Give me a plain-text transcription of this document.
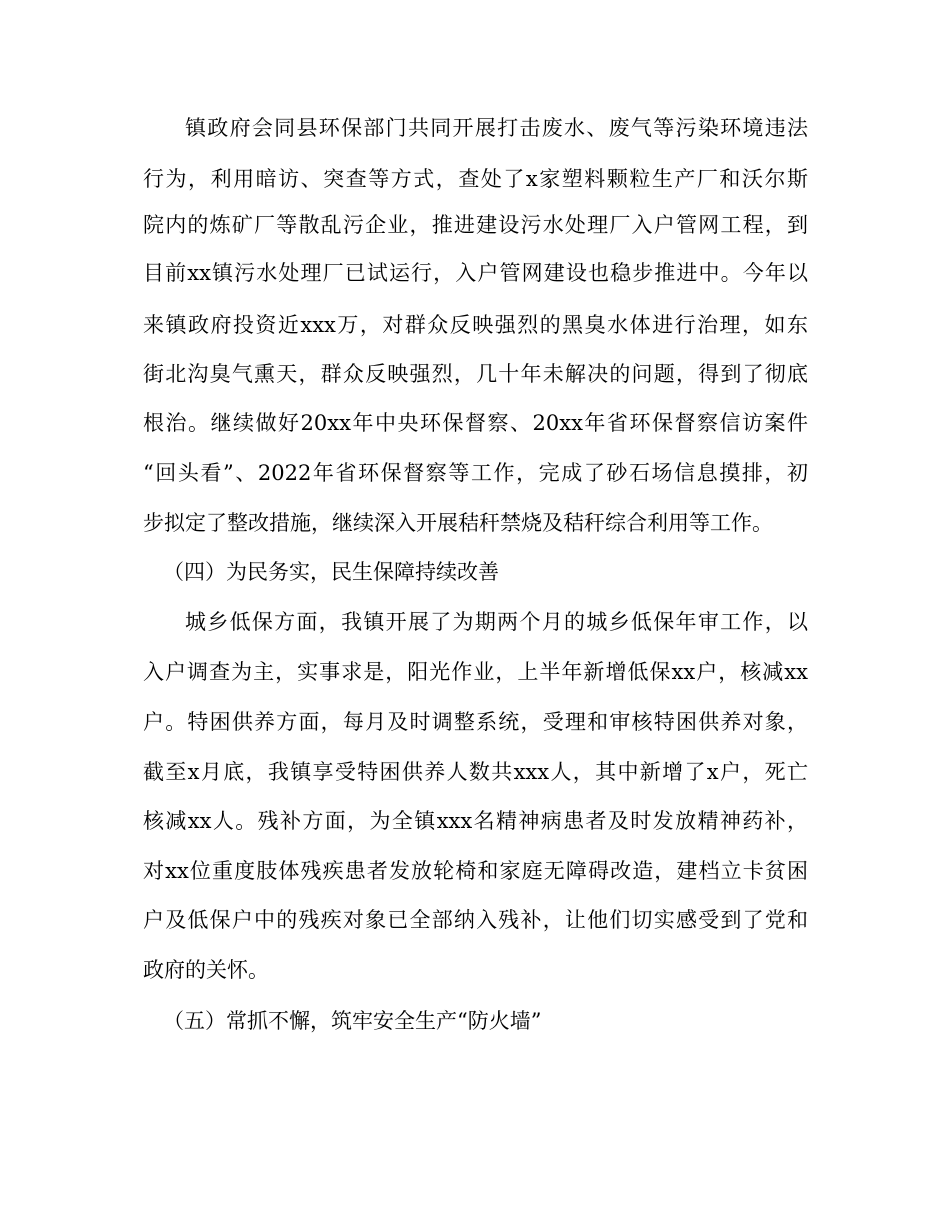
镇政府会同县环保部门共同开展打击废水、废气等污染环境违法
行为，利用暗访、突查等方式，查处了x家塑料颗粒生产厂和沃尔斯
院内的炼矿厂等散乱污企业，推进建设污水处理厂入户管网工程，到
目前xx镇污水处理厂已试运行，入户管网建设也稳步推进中。今年以
来镇政府投资近xxx万，对群众反映强烈的黑臭水体进行治理，如东
街北沟臭气熏天，群众反映强烈，几十年未解决的问题，得到了彻底
根治。继续做好20xx年中央环保督察、20xx年省环保督察信访案件
“回头看”、2022年省环保督察等工作，完成了砂石场信息摸排，初
步拟定了整改措施，继续深入开展秸秆禁烧及秸秆综合利用等工作。
（四）为民务实，民生保障持续改善
城乡低保方面，我镇开展了为期两个月的城乡低保年审工作，以
入户调查为主，实事求是，阳光作业，上半年新增低保xx户，核减xx
户。特困供养方面，每月及时调整系统，受理和审核特困供养对象，
截至x月底，我镇享受特困供养人数共xxx人，其中新增了x户，死亡
核减xx人。残补方面，为全镇xxx名精神病患者及时发放精神药补，
对xx位重度肢体残疾患者发放轮椅和家庭无障碍改造，建档立卡贫困
户及低保户中的残疾对象已全部纳入残补，让他们切实感受到了党和
政府的关怀。
（五）常抓不懈，筑牢安全生产“防火墙”
